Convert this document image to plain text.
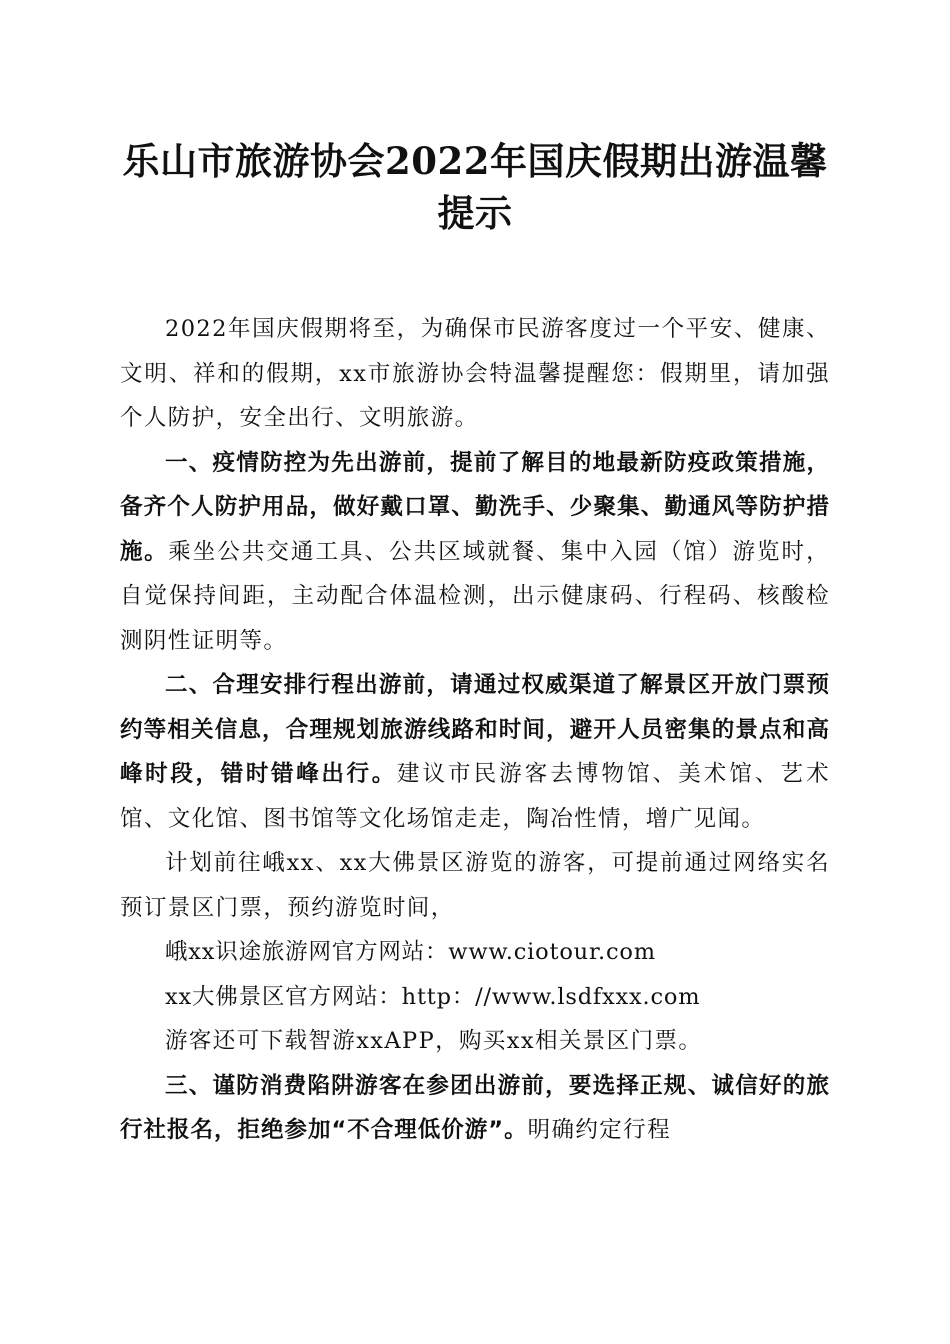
乐山市旅游协会2022年国庆假期出游温馨提示

2022年国庆假期将至，为确保市民游客度过一个平安、健康、文明、祥和的假期，xx市旅游协会特温馨提醒您：假期里，请加强个人防护，安全出行、文明旅游。

一、疫情防控为先出游前，提前了解目的地最新防疫政策措施，备齐个人防护用品，做好戴口罩、勤洗手、少聚集、勤通风等防护措施。乘坐公共交通工具、公共区域就餐、集中入园（馆）游览时，自觉保持间距，主动配合体温检测，出示健康码、行程码、核酸检测阴性证明等。

二、合理安排行程出游前，请通过权威渠道了解景区开放门票预约等相关信息，合理规划旅游线路和时间，避开人员密集的景点和高峰时段，错时错峰出行。建议市民游客去博物馆、美术馆、艺术馆、文化馆、图书馆等文化场馆走走，陶冶性情，增广见闻。

计划前往峨xx、xx大佛景区游览的游客，可提前通过网络实名预订景区门票，预约游览时间，

峨xx识途旅游网官方网站：www.ciotour.com

xx大佛景区官方网站：http：//www.lsdfxxx.com

游客还可下载智游xxAPP，购买xx相关景区门票。

三、谨防消费陷阱游客在参团出游前，要选择正规、诚信好的旅行社报名，拒绝参加“不合理低价游”。明确约定行程
